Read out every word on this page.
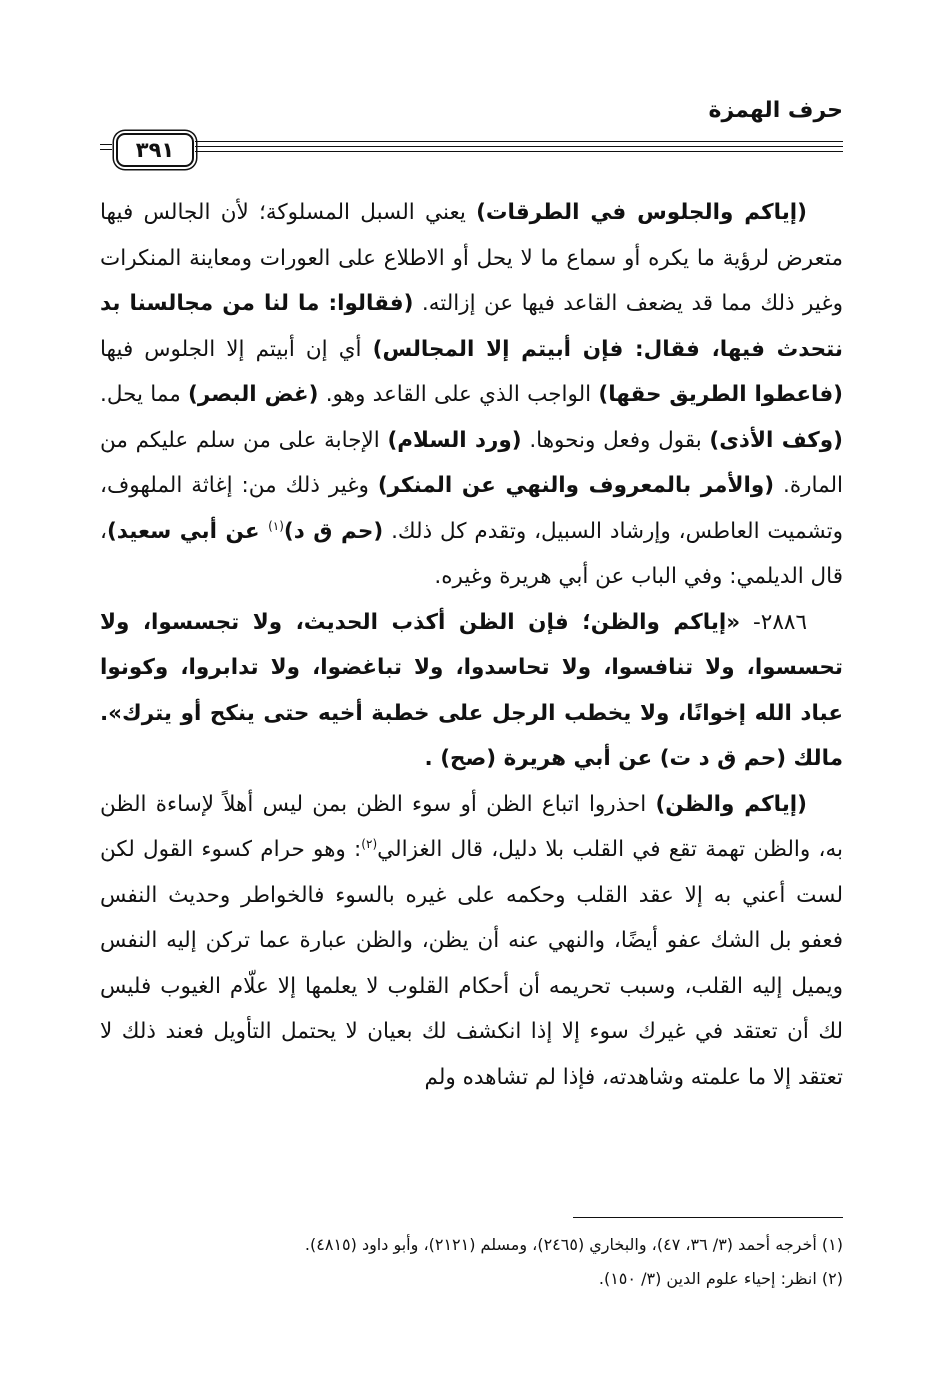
حرف الهمزة
٣٩١

(إياكم والجلوس في الطرقات) يعني السبل المسلوكة؛ لأن الجالس فيها متعرض لرؤية ما يكره أو سماع ما لا يحل أو الاطلاع على العورات ومعاينة المنكرات وغير ذلك مما قد يضعف القاعد فيها عن إزالته. (فقالوا: ما لنا من مجالسنا بد نتحدث فيها، فقال: فإن أبيتم إلا المجالس) أي إن أبيتم إلا الجلوس فيها (فاعطوا الطريق حقها) الواجب الذي على القاعد وهو. (غض البصر) مما يحل. (وكف الأذى) بقول وفعل ونحوها. (ورد السلام) الإجابة على من سلم عليكم من المارة. (والأمر بالمعروف والنهي عن المنكر) وغير ذلك من: إغاثة الملهوف، وتشميت العاطس، وإرشاد السبيل، وتقدم كل ذلك. (حم ق د)$^{(١)}$ عن أبي سعيد)، قال الديلمي: وفي الباب عن أبي هريرة وغيره.

٢٨٨٦- «إياكم والظن؛ فإن الظن أكذب الحديث، ولا تجسسوا، ولا تحسسوا، ولا تنافسوا، ولا تحاسدوا، ولا تباغضوا، ولا تدابروا، وكونوا عباد الله إخوانًا، ولا يخطب الرجل على خطبة أخيه حتى ينكح أو يترك». مالك (حم ق د ت) عن أبي هريرة (صح) .

(إياكم والظن) احذروا اتباع الظن أو سوء الظن بمن ليس أهلاً لإساءة الظن به، والظن تهمة تقع في القلب بلا دليل، قال الغزالي$^{(٢)}$: وهو حرام كسوء القول لكن لست أعني به إلا عقد القلب وحكمه على غيره بالسوء فالخواطر وحديث النفس فعفو بل الشك عفو أيضًا، والنهي عنه أن يظن، والظن عبارة عما تركن إليه النفس ويميل إليه القلب، وسبب تحريمه أن أحكام القلوب لا يعلمها إلا علّام الغيوب فليس لك أن تعتقد في غيرك سوء إلا إذا انكشف لك بعيان لا يحتمل التأويل فعند ذلك لا تعتقد إلا ما علمته وشاهدته، فإذا لم تشاهده ولم

(١) أخرجه أحمد (٣/ ٣٦، ٤٧)، والبخاري (٢٤٦٥)، ومسلم (٢١٢١)، وأبو داود (٤٨١٥).
(٢) انظر: إحياء علوم الدين (٣/ ١٥٠).
